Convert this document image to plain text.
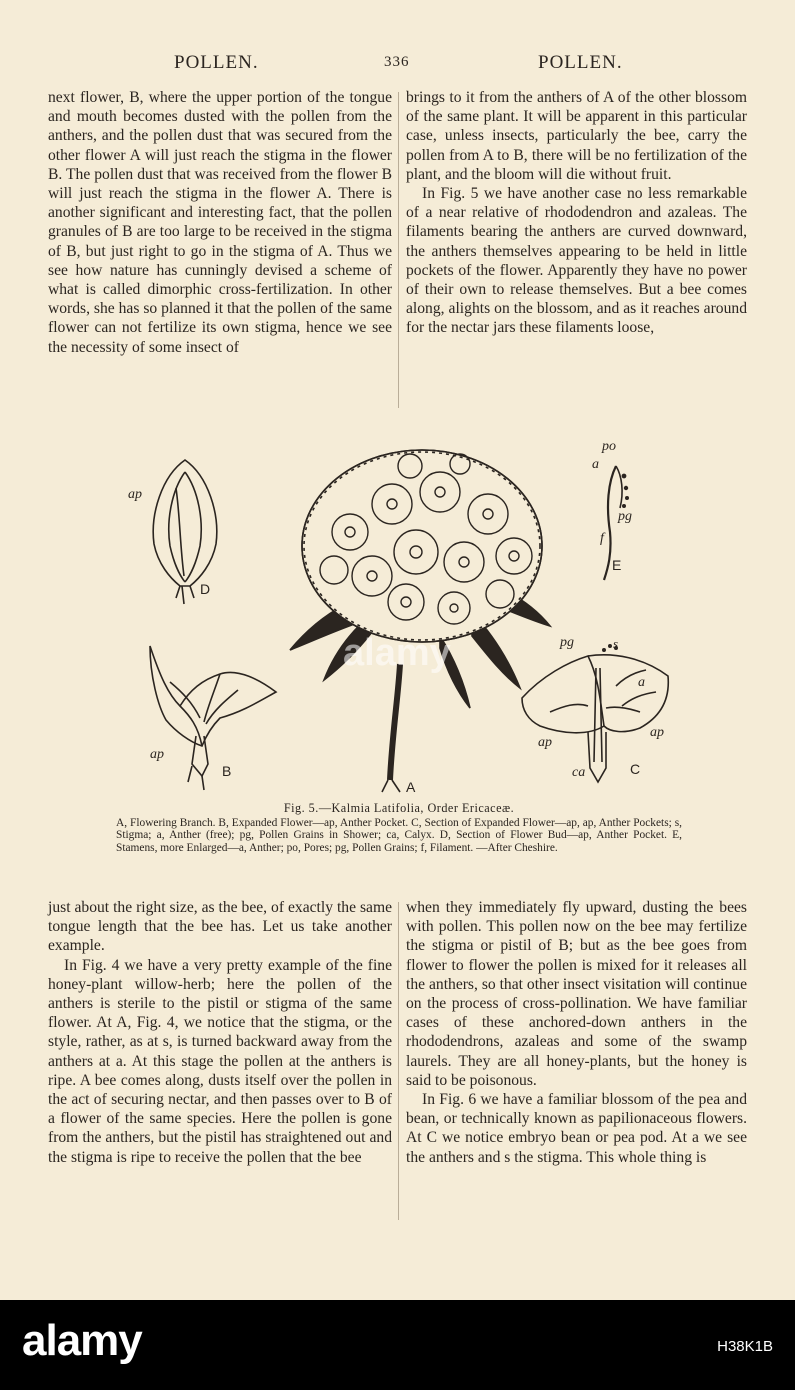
POLLEN.	336	POLLEN.

next flower, B, where the upper portion of the tongue and mouth becomes dusted with the pollen from the anthers, and the pollen dust that was secured from the other flower A will just reach the stigma in the flower B. The pollen dust that was received from the flower B will just reach the stigma in the flower A. There is another significant and interesting fact, that the pollen granules of B are too large to be received in the stigma of B, but just right to go in the stigma of A. Thus we see how nature has cunningly devised a scheme of what is called dimorphic cross-fertilization. In other words, she has so planned it that the pollen of the same flower can not fertilize its own stigma, hence we see the necessity of some insect of

brings to it from the anthers of A of the other blossom of the same plant. It will be apparent in this particular case, unless insects, particularly the bee, carry the pollen from A to B, there will be no fertilization of the plant, and the bloom will die without fruit.

In Fig. 5 we have another case no less remarkable of a near relative of rhododendron and azaleas. The filaments bearing the anthers are curved downward, the anthers themselves appearing to be held in little pockets of the flower. Apparently they have no power of their own to release themselves. But a bee comes along, alights on the blossom, and as it reaches around for the nectar jars these filaments loose,

ap
ap
ap
ap
po
a
pg
f
pg
a
ca
D
B
A
E
C
s
alamy
Fig. 5.—Kalmia Latifolia, Order Ericaceæ.
A, Flowering Branch. B, Expanded Flower—ap, Anther Pocket. C, Section of Expanded Flower—ap, ap, Anther Pockets; s, Stigma; a, Anther (free); pg, Pollen Grains in Shower; ca, Calyx. D, Section of Flower Bud—ap, Anther Pocket. E, Stamens, more Enlarged—a, Anther; po, Pores; pg, Pollen Grains; f, Filament. —After Cheshire.

just about the right size, as the bee, of exactly the same tongue length that the bee has. Let us take another example.

In Fig. 4 we have a very pretty example of the fine honey-plant willow-herb; here the pollen of the anthers is sterile to the pistil or stigma of the same flower. At A, Fig. 4, we notice that the stigma, or the style, rather, as at s, is turned backward away from the anthers at a. At this stage the pollen at the anthers is ripe. A bee comes along, dusts itself over the pollen in the act of securing nectar, and then passes over to B of a flower of the same species. Here the pollen is gone from the anthers, but the pistil has straightened out and the stigma is ripe to receive the pollen that the bee

when they immediately fly upward, dusting the bees with pollen. This pollen now on the bee may fertilize the stigma or pistil of B; but as the bee goes from flower to flower the pollen is mixed for it releases all the anthers, so that other insect visitation will continue on the process of cross-pollination. We have familiar cases of these anchored-down anthers in the rhododendrons, azaleas and some of the swamp laurels. They are all honey-plants, but the honey is said to be poisonous.

In Fig. 6 we have a familiar blossom of the pea and bean, or technically known as papilionaceous flowers. At C we notice embryo bean or pea pod. At a we see the anthers and s the stigma. This whole thing is

alamy	H38K1B
